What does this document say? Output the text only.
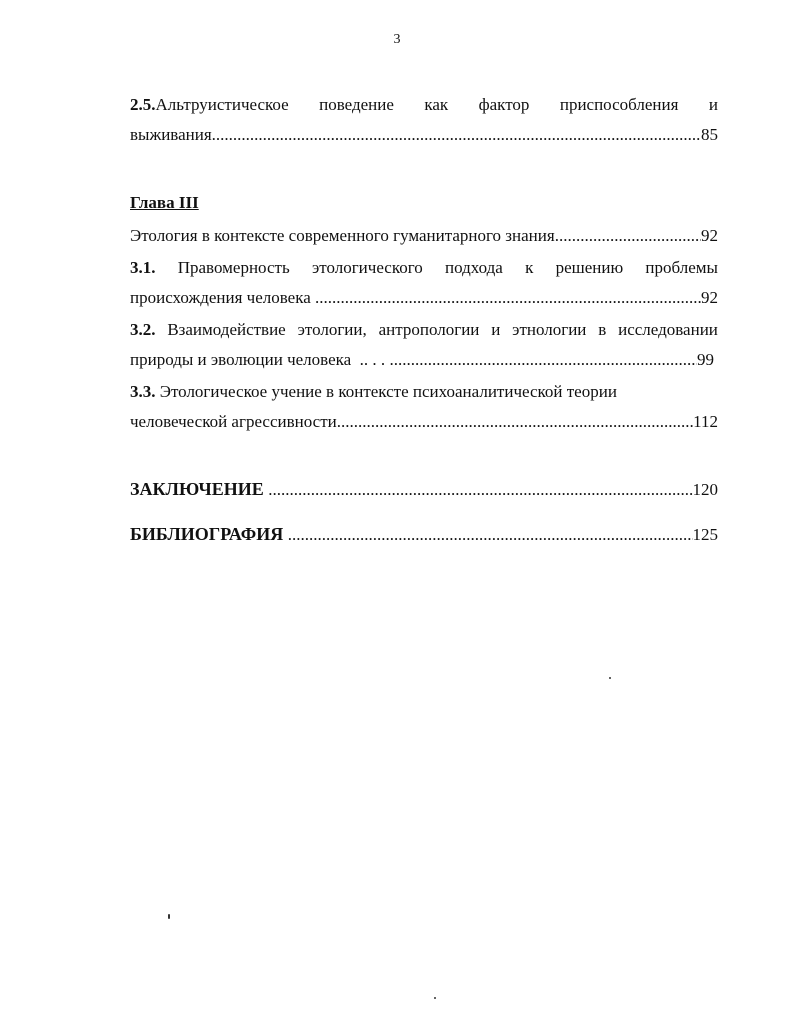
3
2.5.Альтруистическое поведение как фактор приспособления и
выживания .....	85
Глава III
Этология в контексте современного гуманитарного знания .....	92
3.1. Правомерность этологического подхода к решению проблемы
происхождения человека .....	92
3.2. Взаимодействие этологии, антропологии и этнологии в исследовании
природы и эволюции человека  .. . . .....	99
3.3. Этологическое учение в контексте психоаналитической теории
человеческой агрессивности .....	112
ЗАКЛЮЧЕНИЕ .....	120
БИБЛИОГРАФИЯ .....	125
